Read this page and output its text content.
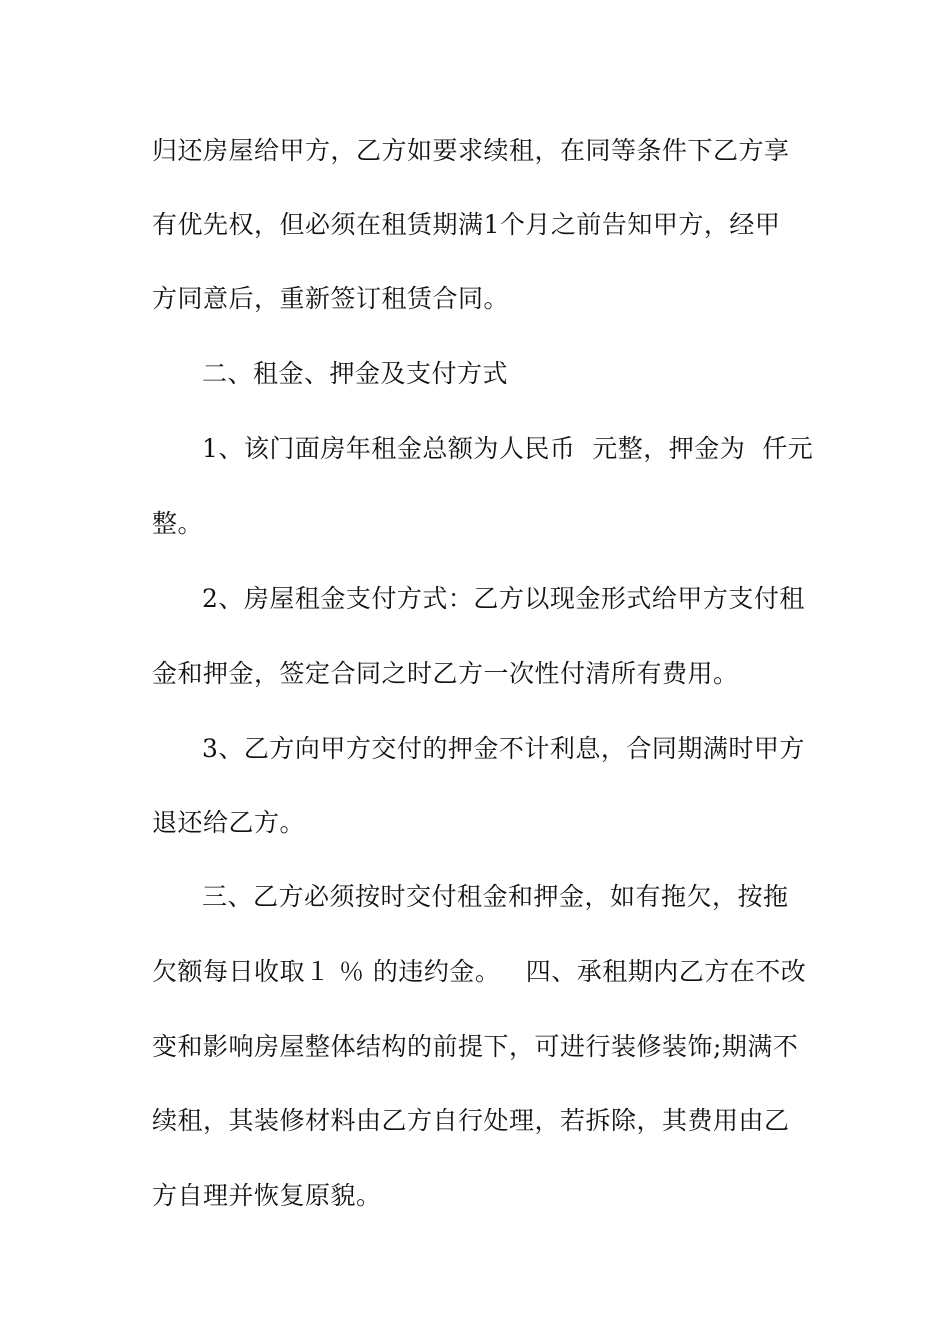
归还房屋给甲方，乙方如要求续租，在同等条件下乙方享
有优先权，但必须在租赁期满1个月之前告知甲方，经甲
方同意后，重新签订租赁合同。
二、租金、押金及支付方式
1、该门面房年租金总额为人民币  元整，押金为  仟元
整。
2、房屋租金支付方式：乙方以现金形式给甲方支付租
金和押金，签定合同之时乙方一次性付清所有费用。
3、乙方向甲方交付的押金不计利息，合同期满时甲方
退还给乙方。
三、乙方必须按时交付租金和押金，如有拖欠，按拖
欠额每日收取１ ％ 的违约金。   四、承租期内乙方在不改
变和影响房屋整体结构的前提下，可进行装修装饰;期满不
续租，其装修材料由乙方自行处理，若拆除，其费用由乙
方自理并恢复原貌。
